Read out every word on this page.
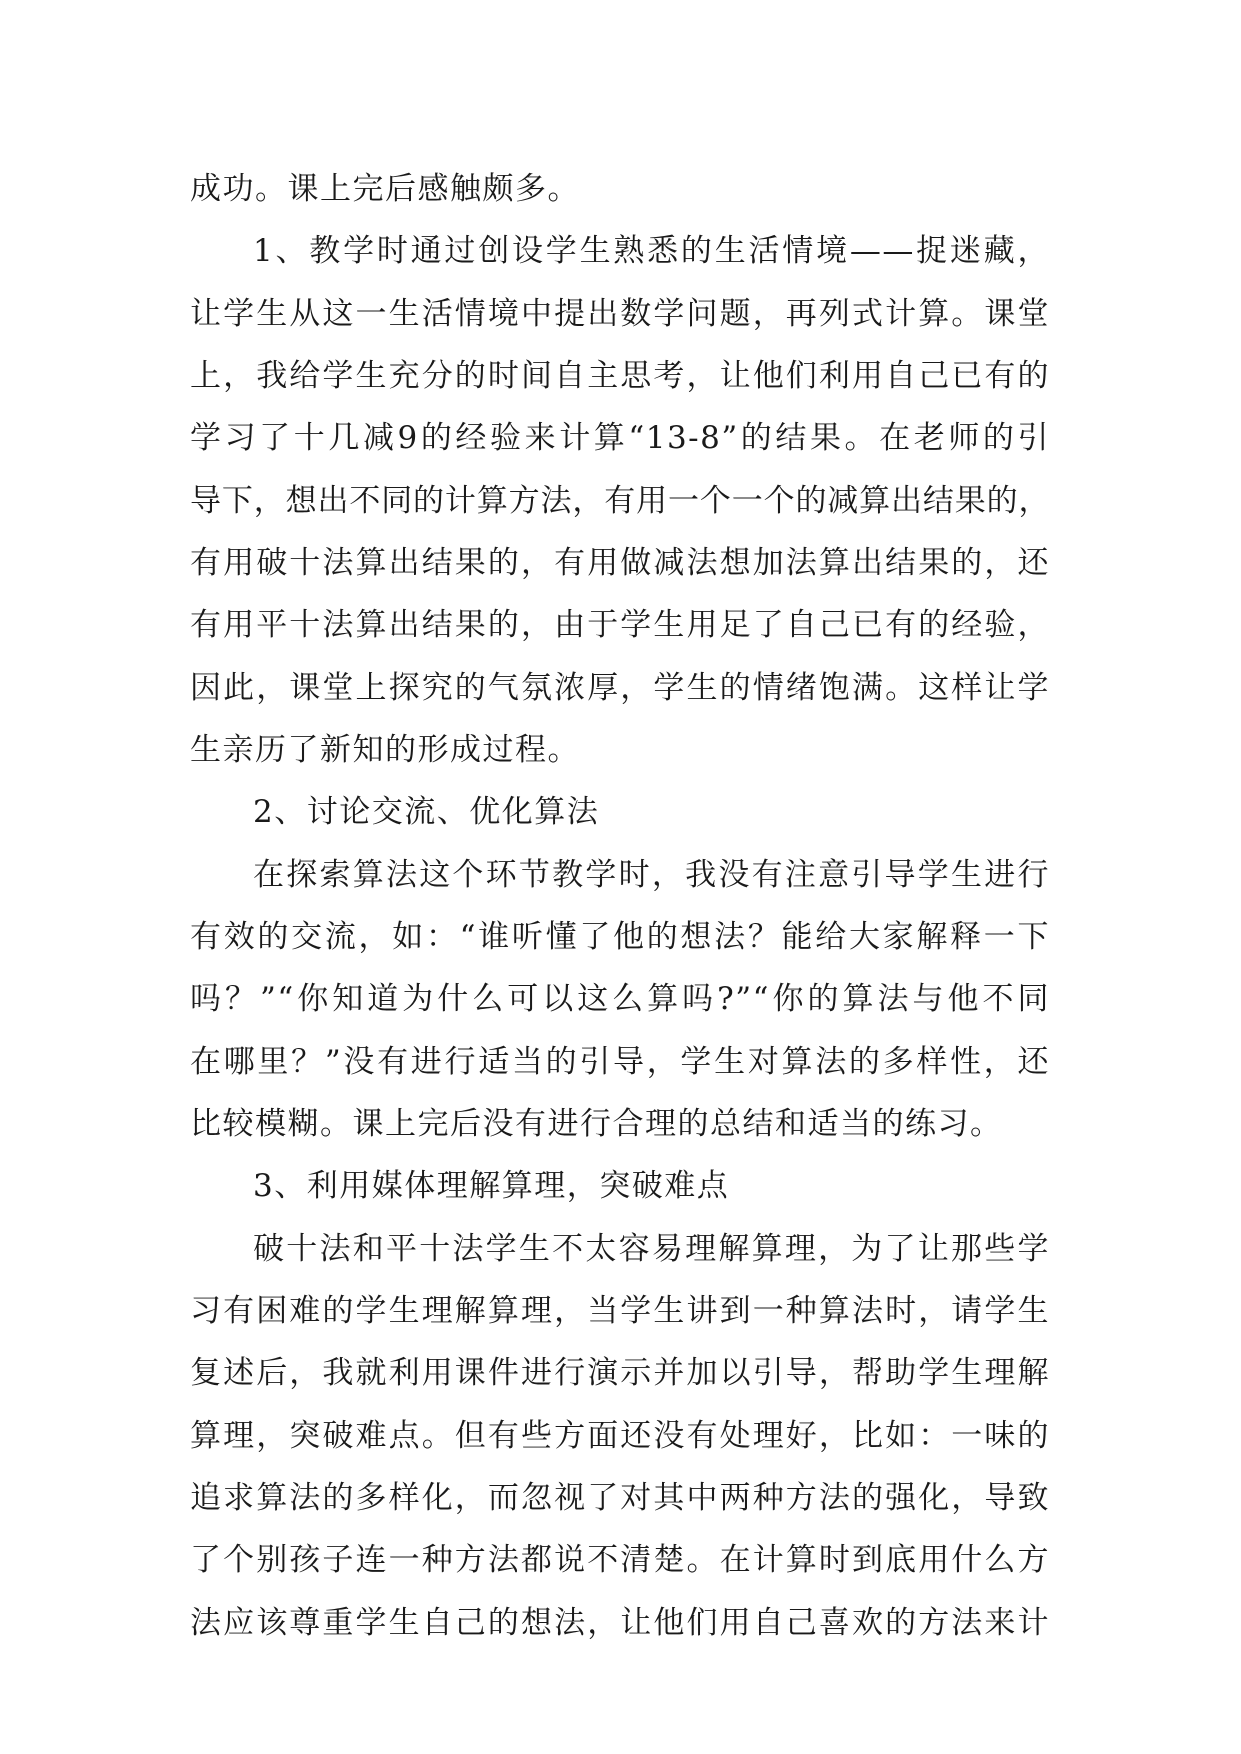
成功。课上完后感触颇多。
1、教学时通过创设学生熟悉的生活情境——捉迷藏，
让学生从这一生活情境中提出数学问题，再列式计算。课堂
上，我给学生充分的时间自主思考，让他们利用自己已有的
学习了十几减9的经验来计算“13-8”的结果。在老师的引
导下，想出不同的计算方法，有用一个一个的减算出结果的，
有用破十法算出结果的，有用做减法想加法算出结果的，还
有用平十法算出结果的，由于学生用足了自己已有的经验，
因此，课堂上探究的气氛浓厚，学生的情绪饱满。这样让学
生亲历了新知的形成过程。
2、讨论交流、优化算法
在探索算法这个环节教学时，我没有注意引导学生进行
有效的交流，如：“谁听懂了他的想法？能给大家解释一下
吗？”“你知道为什么可以这么算吗?”“你的算法与他不同
在哪里？”没有进行适当的引导，学生对算法的多样性，还
比较模糊。课上完后没有进行合理的总结和适当的练习。
3、利用媒体理解算理，突破难点
破十法和平十法学生不太容易理解算理，为了让那些学
习有困难的学生理解算理，当学生讲到一种算法时，请学生
复述后，我就利用课件进行演示并加以引导，帮助学生理解
算理，突破难点。但有些方面还没有处理好，比如：一味的
追求算法的多样化，而忽视了对其中两种方法的强化，导致
了个别孩子连一种方法都说不清楚。在计算时到底用什么方
法应该尊重学生自己的想法，让他们用自己喜欢的方法来计
